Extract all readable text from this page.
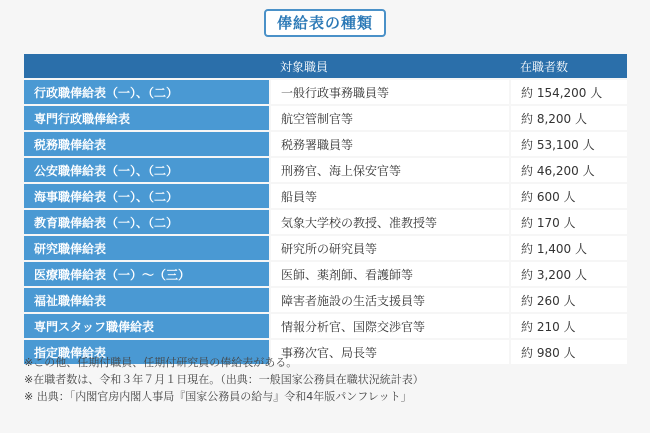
俸給表の種類
	対象職員	在職者数
行政職俸給表（一）、（二）	一般行政事務職員等	約 154,200 人
専門行政職俸給表	航空管制官等	約 8,200 人
税務職俸給表	税務署職員等	約 53,100 人
公安職俸給表（一）、（二）	刑務官、海上保安官等	約 46,200 人
海事職俸給表（一）、（二）	船員等	約 600 人
教育職俸給表（一）、（二）	気象大学校の教授、准教授等	約 170 人
研究職俸給表	研究所の研究員等	約 1,400 人
医療職俸給表（一）～（三）	医師、薬剤師、看護師等	約 3,200 人
福祉職俸給表	障害者施設の生活支援員等	約 260 人
専門スタッフ職俸給表	情報分析官、国際交渉官等	約 210 人
指定職俸給表	事務次官、局長等	約 980 人
※この他、任期付職員、任期付研究員の俸給表がある。
※在職者数は、令和３年７月１日現在。（出典：一般国家公務員在職状況統計表）
※ 出典：「内閣官房内閣人事局『国家公務員の給与』令和4年版パンフレット」
